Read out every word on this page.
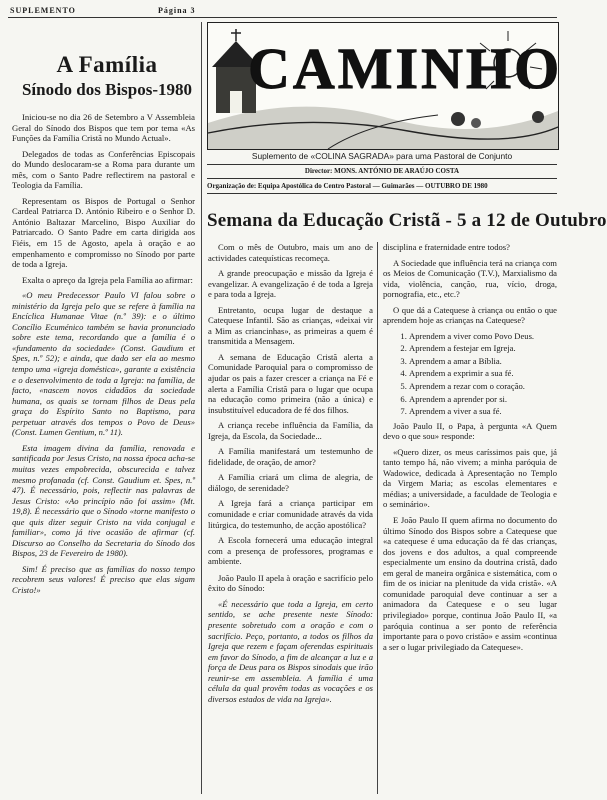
SUPLEMENTO	Página 3
A Família
Sínodo dos Bispos-1980

Iniciou-se no dia 26 de Setembro a V Assembleia Geral do Sínodo dos Bispos que tem por tema «As Funções da Família Cristã no Mundo Actual».

Delegados de todas as Conferências Episcopais do Mundo deslocaram-se a Roma para durante um mês, com o Santo Padre reflectirem na pastoral e Teologia da Família.

Representam os Bispos de Portugal o Senhor Cardeal Patriarca D. António Ribeiro e o Senhor D. António Baltazar Marcelino, Bispo Auxiliar do Patriarcado. O Santo Padre em carta dirigida aos Fiéis, em 15 de Agosto, apela à oração e ao empenhamento e compromisso no Sínodo por parte de toda a Igreja.

Exalta o apreço da Igreja pela Família ao afirmar:

«O meu Predecessor Paulo VI falou sobre o ministério da Igreja pelo que se refere à família na Encíclica Humanae Vitae (n.º 39): e o último Concílio Ecuménico também se havia pronunciado sobre este tema, recordando que a família é o «fundamento da sociedade» (Const. Gaudium et Spes, n.º 52); e ainda, que dado ser ela ao mesmo tempo uma «igreja doméstica», garante a existência e o desenvolvimento de toda a Igreja: na família, de facto, «nascem novos cidadãos da sociedade humana, os quais se tornam filhos de Deus pela graça do Espírito Santo no Baptismo, para perpetuar através dos tempos o Povo de Deus» (Const. Lumen Gentium, n.º 11).

Esta imagem divina da família, renovada e santificada por Jesus Cristo, na nossa época acha-se muitas vezes empobrecida, obscurecida e talvez mesmo profanada (cf. Const. Gaudium et. Spes, n.º 47). É necessário, pois, reflectir nas palavras de Jesus Cristo: «Ao princípio não foi assim» (Mt. 19,8). É necessário que o Sínodo «torne manifesto o que quis dizer seguir Cristo na vida conjugal e familiar», como já tive ocasião de afirmar (cf. Discurso ao Conselho da Secretaria do Sínodo dos Bispos, 23 de Fevereiro de 1980).

Sim! É preciso que as famílias do nosso tempo recobrem seus valores! É preciso que elas sigam Cristo!»

CAMINHO
Suplemento de «COLINA SAGRADA» para uma Pastoral de Conjunto
Director: MONS. ANTÓNIO DE ARAÚJO COSTA
Organização de: Equipa Apostólica do Centro Pastoral — Guimarães — OUTUBRO DE 1980
Semana da Educação Cristã - 5 a 12 de Outubro

Com o mês de Outubro, mais um ano de actividades catequísticas recomeça.

A grande preocupação e missão da Igreja é evangelizar. A evangelização é de toda a Igreja e para toda a Igreja.

Entretanto, ocupa lugar de destaque a Catequese Infantil. São as crianças, «deixai vir a Mim as criancinhas», as primeiras a quem é transmitida a Mensagem.

A semana de Educação Cristã alerta a Comunidade Paroquial para o compromisso de ajudar os pais a fazer crescer a criança na Fé e alerta a Família Cristã para o lugar que ocupa na educação como primeira (não a única) e insubstituível educadora de fé dos filhos.

A criança recebe influência da Família, da Igreja, da Escola, da Sociedade...

A Família manifestará um testemunho de fidelidade, de oração, de amor?

A Família criará um clima de alegria, de diálogo, de serenidade?

A Igreja fará a criança participar em comunidade e criar comunidade através da vida litúrgica, do testemunho, de acção apostólica?

A Escola fornecerá uma educação integral com a presença de professores, programas e ambiente.

João Paulo II apela à oração e sacrifício pelo êxito do Sínodo:

«É necessário que toda a Igreja, em certo sentido, se ache presente neste Sínodo: presente sobretudo com a oração e com o sacrifício. Peço, portanto, a todos os filhos da Igreja que rezem e façam oferendas espirituais em favor do Sínodo, a fim de alcançar a luz e a força de Deus para os Bispos sinodais que irão reunir-se em assembleia. A família é uma célula da qual provêm todas as vocações e os diversos estados de vida na Igreja».

disciplina e fraternidade entre todos?

A Sociedade que influência terá na criança com os Meios de Comunicação (T.V.), Marxialismo da vida, violência, canção, rua, vício, droga, pornografia, etc., etc.?

O que dá a Catequese à criança ou então o que aprendem hoje as crianças na Catequese?

1. Aprendem a viver como Povo Deus.
2. Aprendem a festejar em Igreja.
3. Aprendem a amar a Bíblia.
4. Aprendem a exprimir a sua fé.
5. Aprendem a rezar com o coração.
6. Aprendem a aprender por si.
7. Aprendem a viver a sua fé.

João Paulo II, o Papa, à pergunta «A Quem devo o que sou» responde:

«Quero dizer, os meus caríssimos pais que, já tanto tempo há, não vivem; a minha paróquia de Wadowice, dedicada à Apresentação no Templo da Virgem Maria; as escolas elementares e médias; a universidade, a faculdade de Teologia e o seminário».

E João Paulo II quem afirma no documento do último Sínodo dos Bispos sobre a Catequese que «a catequese é uma educação da fé das crianças, dos jovens e dos adultos, a qual compreende especialmente um ensino da doutrina cristã, dado em geral de maneira orgânica e sistemática, com o fim de os iniciar na plenitude da vida cristã». «A comunidade paroquial deve continuar a ser a animadora da Catequese e o seu lugar privilegiado» porque, continua João Paulo II, «a paróquia continua a ser ponto de referência importante para o povo cristão» e assim «continua a ser o lugar privilegiado da Catequese».
